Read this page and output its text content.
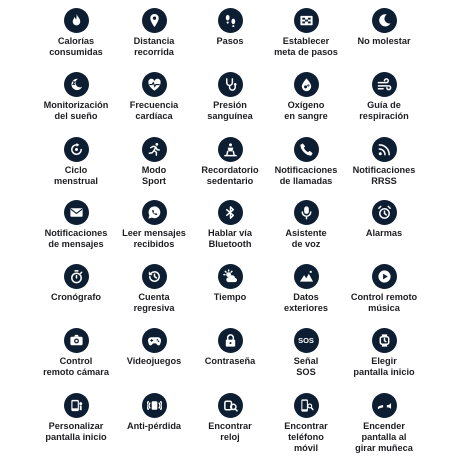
Calorías
consumidas
Distancia
recorrida
Pasos	Establecer
meta de pasos
No molestar
Monitorización
del sueño
Frecuencia
cardíaca
Presión
sanguínea
Oxígeno
en sangre
Guía de
respiración
Ciclo
menstrual
Modo
Sport
Recordatorio
sedentario
Notificaciones
de llamadas
Notificaciones
RRSS
Notificaciones
de mensajes
Leer mensajes
recibidos
Hablar vía
Bluetooth
Asistente
de voz
Alarmas
Cronógrafo	Cuenta
regresiva
Tiempo	Datos
exteriores
Control remoto
música
Control
remoto cámara
Videojuegos	Contraseña
SOS
Señal
SOS
Elegir
pantalla inicio
Personalizar
pantalla inicio
Anti-pérdida	Encontrar
reloj
Encontrar
teléfono
móvil
Encender
pantalla al
girar muñeca
